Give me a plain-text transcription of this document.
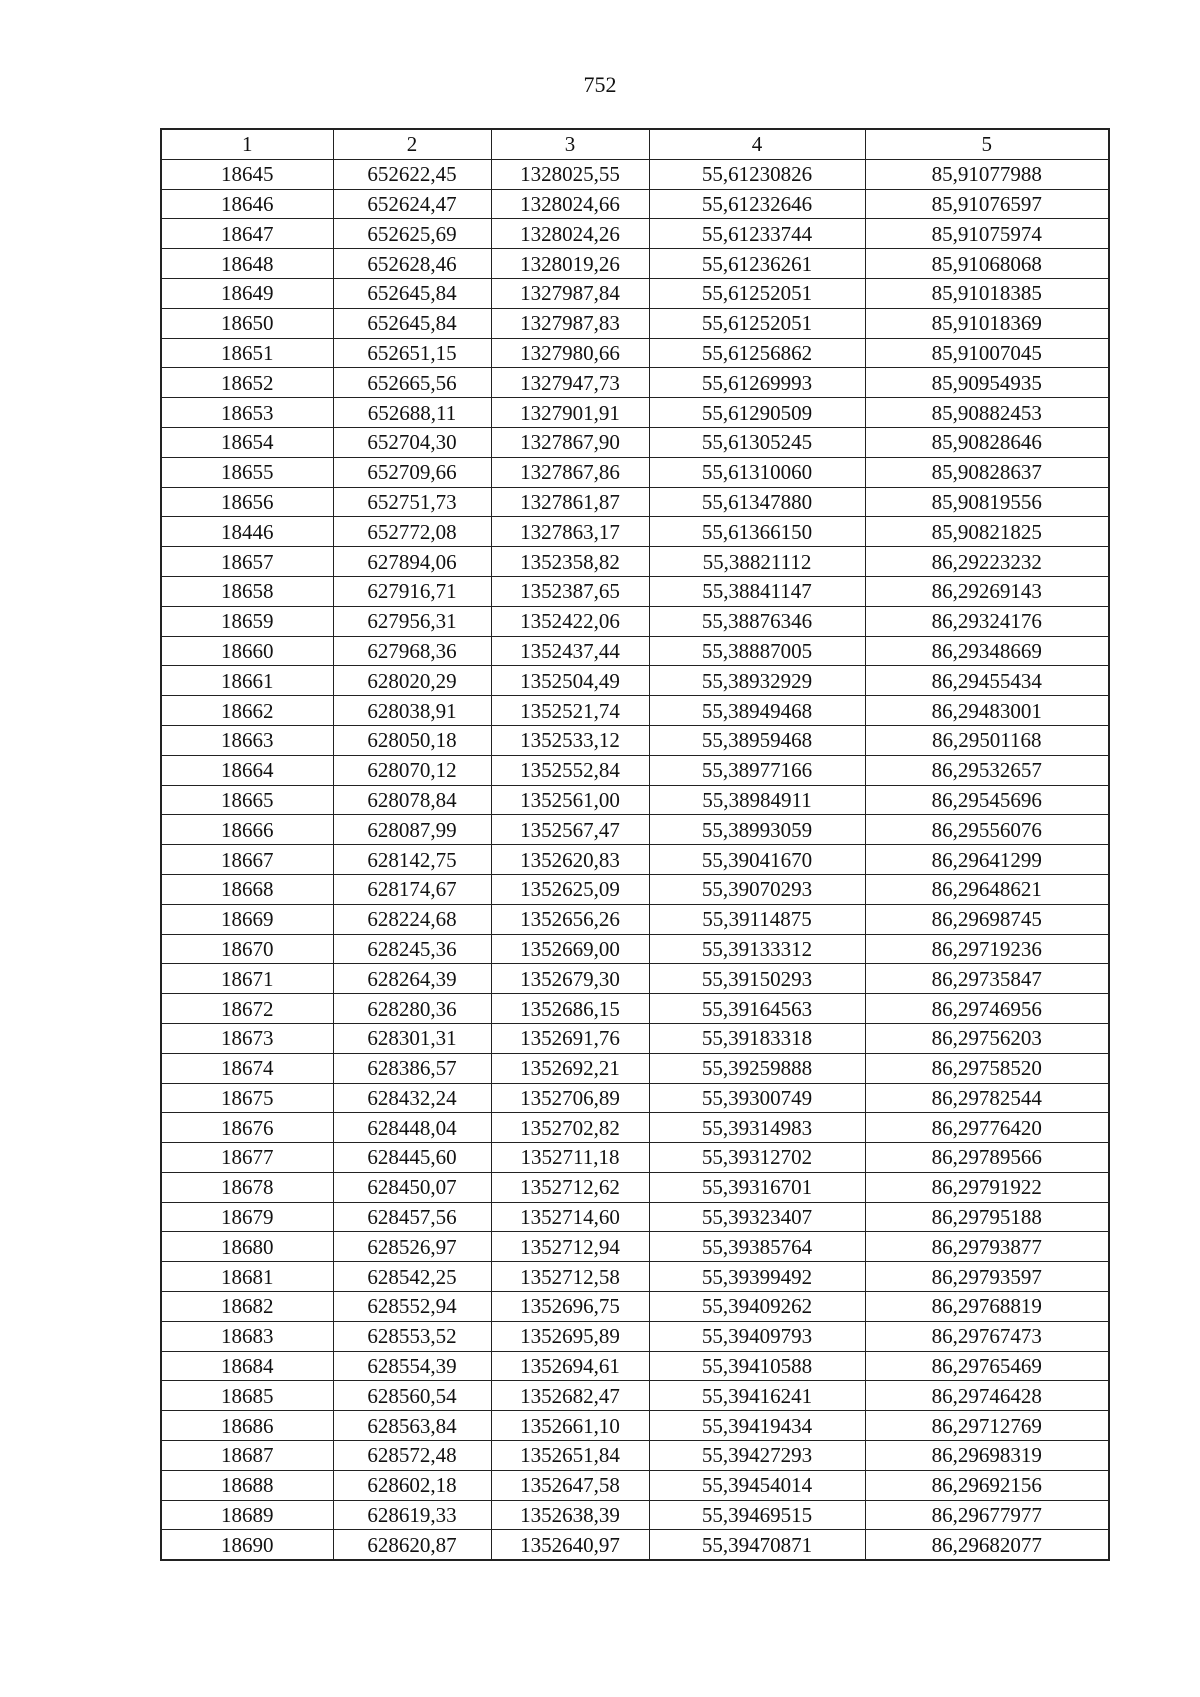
752
1	2	3	4	5
18645	652622,45	1328025,55	55,61230826	85,91077988
18646	652624,47	1328024,66	55,61232646	85,91076597
18647	652625,69	1328024,26	55,61233744	85,91075974
18648	652628,46	1328019,26	55,61236261	85,91068068
18649	652645,84	1327987,84	55,61252051	85,91018385
18650	652645,84	1327987,83	55,61252051	85,91018369
18651	652651,15	1327980,66	55,61256862	85,91007045
18652	652665,56	1327947,73	55,61269993	85,90954935
18653	652688,11	1327901,91	55,61290509	85,90882453
18654	652704,30	1327867,90	55,61305245	85,90828646
18655	652709,66	1327867,86	55,61310060	85,90828637
18656	652751,73	1327861,87	55,61347880	85,90819556
18446	652772,08	1327863,17	55,61366150	85,90821825
18657	627894,06	1352358,82	55,38821112	86,29223232
18658	627916,71	1352387,65	55,38841147	86,29269143
18659	627956,31	1352422,06	55,38876346	86,29324176
18660	627968,36	1352437,44	55,38887005	86,29348669
18661	628020,29	1352504,49	55,38932929	86,29455434
18662	628038,91	1352521,74	55,38949468	86,29483001
18663	628050,18	1352533,12	55,38959468	86,29501168
18664	628070,12	1352552,84	55,38977166	86,29532657
18665	628078,84	1352561,00	55,38984911	86,29545696
18666	628087,99	1352567,47	55,38993059	86,29556076
18667	628142,75	1352620,83	55,39041670	86,29641299
18668	628174,67	1352625,09	55,39070293	86,29648621
18669	628224,68	1352656,26	55,39114875	86,29698745
18670	628245,36	1352669,00	55,39133312	86,29719236
18671	628264,39	1352679,30	55,39150293	86,29735847
18672	628280,36	1352686,15	55,39164563	86,29746956
18673	628301,31	1352691,76	55,39183318	86,29756203
18674	628386,57	1352692,21	55,39259888	86,29758520
18675	628432,24	1352706,89	55,39300749	86,29782544
18676	628448,04	1352702,82	55,39314983	86,29776420
18677	628445,60	1352711,18	55,39312702	86,29789566
18678	628450,07	1352712,62	55,39316701	86,29791922
18679	628457,56	1352714,60	55,39323407	86,29795188
18680	628526,97	1352712,94	55,39385764	86,29793877
18681	628542,25	1352712,58	55,39399492	86,29793597
18682	628552,94	1352696,75	55,39409262	86,29768819
18683	628553,52	1352695,89	55,39409793	86,29767473
18684	628554,39	1352694,61	55,39410588	86,29765469
18685	628560,54	1352682,47	55,39416241	86,29746428
18686	628563,84	1352661,10	55,39419434	86,29712769
18687	628572,48	1352651,84	55,39427293	86,29698319
18688	628602,18	1352647,58	55,39454014	86,29692156
18689	628619,33	1352638,39	55,39469515	86,29677977
18690	628620,87	1352640,97	55,39470871	86,29682077
